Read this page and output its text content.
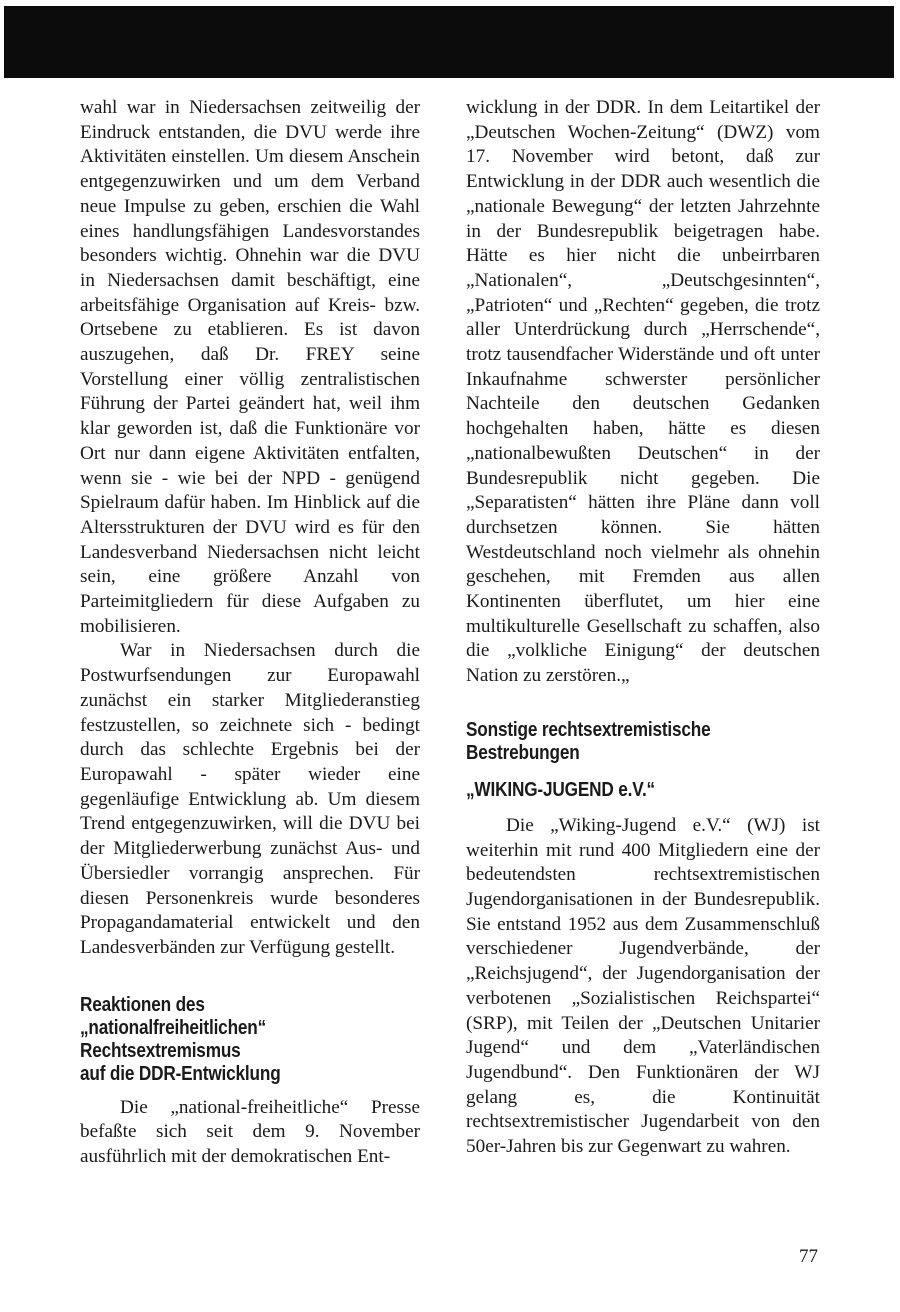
wahl war in Niedersachsen zeitweilig der Eindruck entstanden, die DVU werde ihre Aktivitäten einstellen. Um diesem Anschein entgegenzuwirken und um dem Verband neue Impulse zu geben, erschien die Wahl eines handlungsfähigen Landesvorstandes besonders wichtig. Ohnehin war die DVU in Niedersachsen damit beschäftigt, eine arbeitsfähige Organisation auf Kreis- bzw. Ortsebene zu etablieren. Es ist davon auszugehen, daß Dr. FREY seine Vorstellung einer völlig zentralistischen Führung der Partei geändert hat, weil ihm klar geworden ist, daß die Funktionäre vor Ort nur dann eigene Aktivitäten entfalten, wenn sie - wie bei der NPD - genügend Spielraum dafür haben. Im Hinblick auf die Altersstrukturen der DVU wird es für den Landesverband Niedersachsen nicht leicht sein, eine größere Anzahl von Parteimitgliedern für diese Aufgaben zu mobilisieren.

War in Niedersachsen durch die Postwurfsendungen zur Europawahl zunächst ein starker Mitgliederanstieg festzustellen, so zeichnete sich - bedingt durch das schlechte Ergebnis bei der Europawahl - später wieder eine gegenläufige Entwicklung ab. Um diesem Trend entgegenzuwirken, will die DVU bei der Mitgliederwerbung zunächst Aus- und Übersiedler vorrangig ansprechen. Für diesen Personenkreis wurde besonderes Propagandamaterial entwickelt und den Landesverbänden zur Verfügung gestellt.

Reaktionen des
„nationalfreiheitlichen“
Rechtsextremismus
auf die DDR-Entwicklung

Die „national-freiheitliche“ Presse befaßte sich seit dem 9. November ausführlich mit der demokratischen Ent-

wicklung in der DDR. In dem Leitartikel der „Deutschen Wochen-Zeitung“ (DWZ) vom 17. November wird betont, daß zur Entwicklung in der DDR auch wesentlich die „nationale Bewegung“ der letzten Jahrzehnte in der Bundesrepublik beigetragen habe. Hätte es hier nicht die unbeirrbaren „Nationalen“, „Deutschgesinnten“, „Patrioten“ und „Rechten“ gegeben, die trotz aller Unterdrückung durch „Herrschende“, trotz tausendfacher Widerstände und oft unter Inkaufnahme schwerster persönlicher Nachteile den deutschen Gedanken hochgehalten haben, hätte es diesen „nationalbewußten Deutschen“ in der Bundesrepublik nicht gegeben. Die „Separatisten“ hätten ihre Pläne dann voll durchsetzen können. Sie hätten Westdeutschland noch vielmehr als ohnehin geschehen, mit Fremden aus allen Kontinenten überflutet, um hier eine multikulturelle Gesellschaft zu schaffen, also die „volkliche Einigung“ der deutschen Nation zu zerstören.„

Sonstige rechtsextremistische
Bestrebungen
„WIKING-JUGEND e.V.“

Die „Wiking-Jugend e.V.“ (WJ) ist weiterhin mit rund 400 Mitgliedern eine der bedeutendsten rechtsextremistischen Jugendorganisationen in der Bundesrepublik. Sie entstand 1952 aus dem Zusammenschluß verschiedener Jugendverbände, der „Reichsjugend“, der Jugendorganisation der verbotenen „Sozialistischen Reichspartei“ (SRP), mit Teilen der „Deutschen Unitarier Jugend“ und dem „Vaterländischen Jugendbund“. Den Funktionären der WJ gelang es, die Kontinuität rechtsextremistischer Jugendarbeit von den 50er-Jahren bis zur Gegenwart zu wahren.

77
